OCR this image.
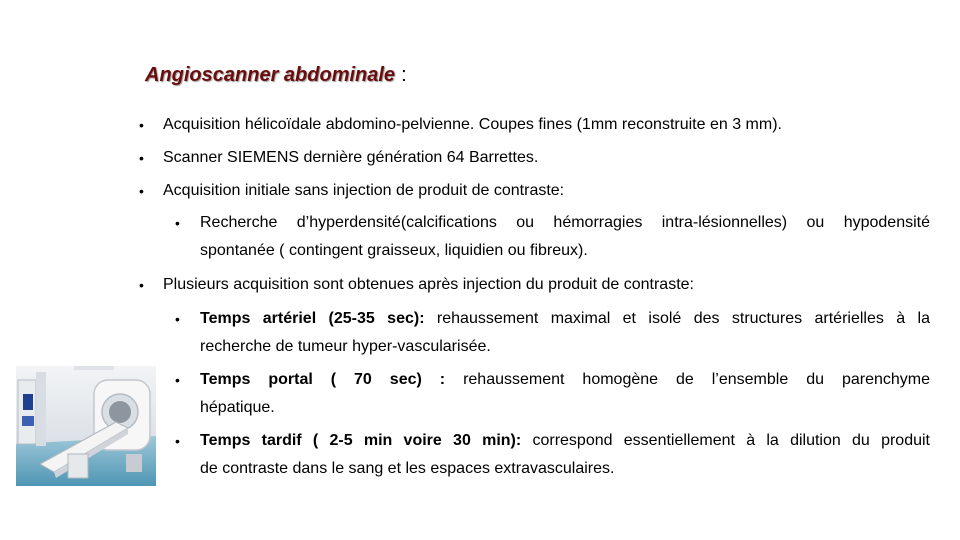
Angioscanner abdominale :
• Acquisition hélicoïdale abdomino-pelvienne. Coupes fines (1mm reconstruite en 3 mm).
• Scanner SIEMENS dernière génération 64 Barrettes.
• Acquisition initiale sans injection de produit de contraste:
• Recherche d’hyperdensité(calcifications ou hémorragies intra-lésionnelles) ou hypodensité
spontanée ( contingent graisseux, liquidien ou fibreux).
• Plusieurs acquisition sont obtenues après injection du produit de contraste:
• Temps artériel (25-35 sec): rehaussement maximal et isolé des structures artérielles à la
recherche de tumeur hyper-vascularisée.
• Temps portal ( 70 sec) : rehaussement homogène de l’ensemble du parenchyme
hépatique.
• Temps tardif ( 2-5 min voire 30 min): correspond essentiellement à la dilution du produit
de contraste dans le sang et les espaces extravasculaires.
